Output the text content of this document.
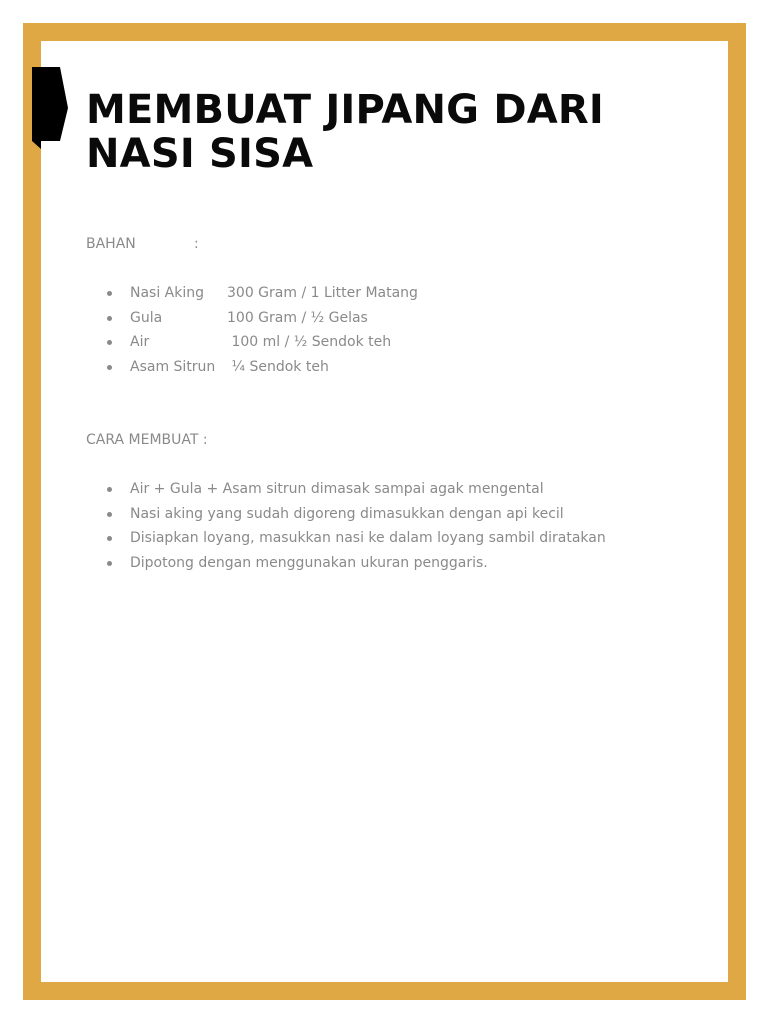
MEMBUAT JIPANG DARI
NASI SISA

BAHAN	:

Nasi Aking 300 Gram / 1 Litter Matang
Gula	100 Gram / ½ Gelas
Air	100 ml / ½ Sendok teh
Asam Sitrun ¼ Sendok teh

CARA MEMBUAT :

Air + Gula + Asam sitrun dimasak sampai agak mengental
Nasi aking yang sudah digoreng dimasukkan dengan api kecil
Disiapkan loyang, masukkan nasi ke dalam loyang sambil diratakan
Dipotong dengan menggunakan ukuran penggaris.
